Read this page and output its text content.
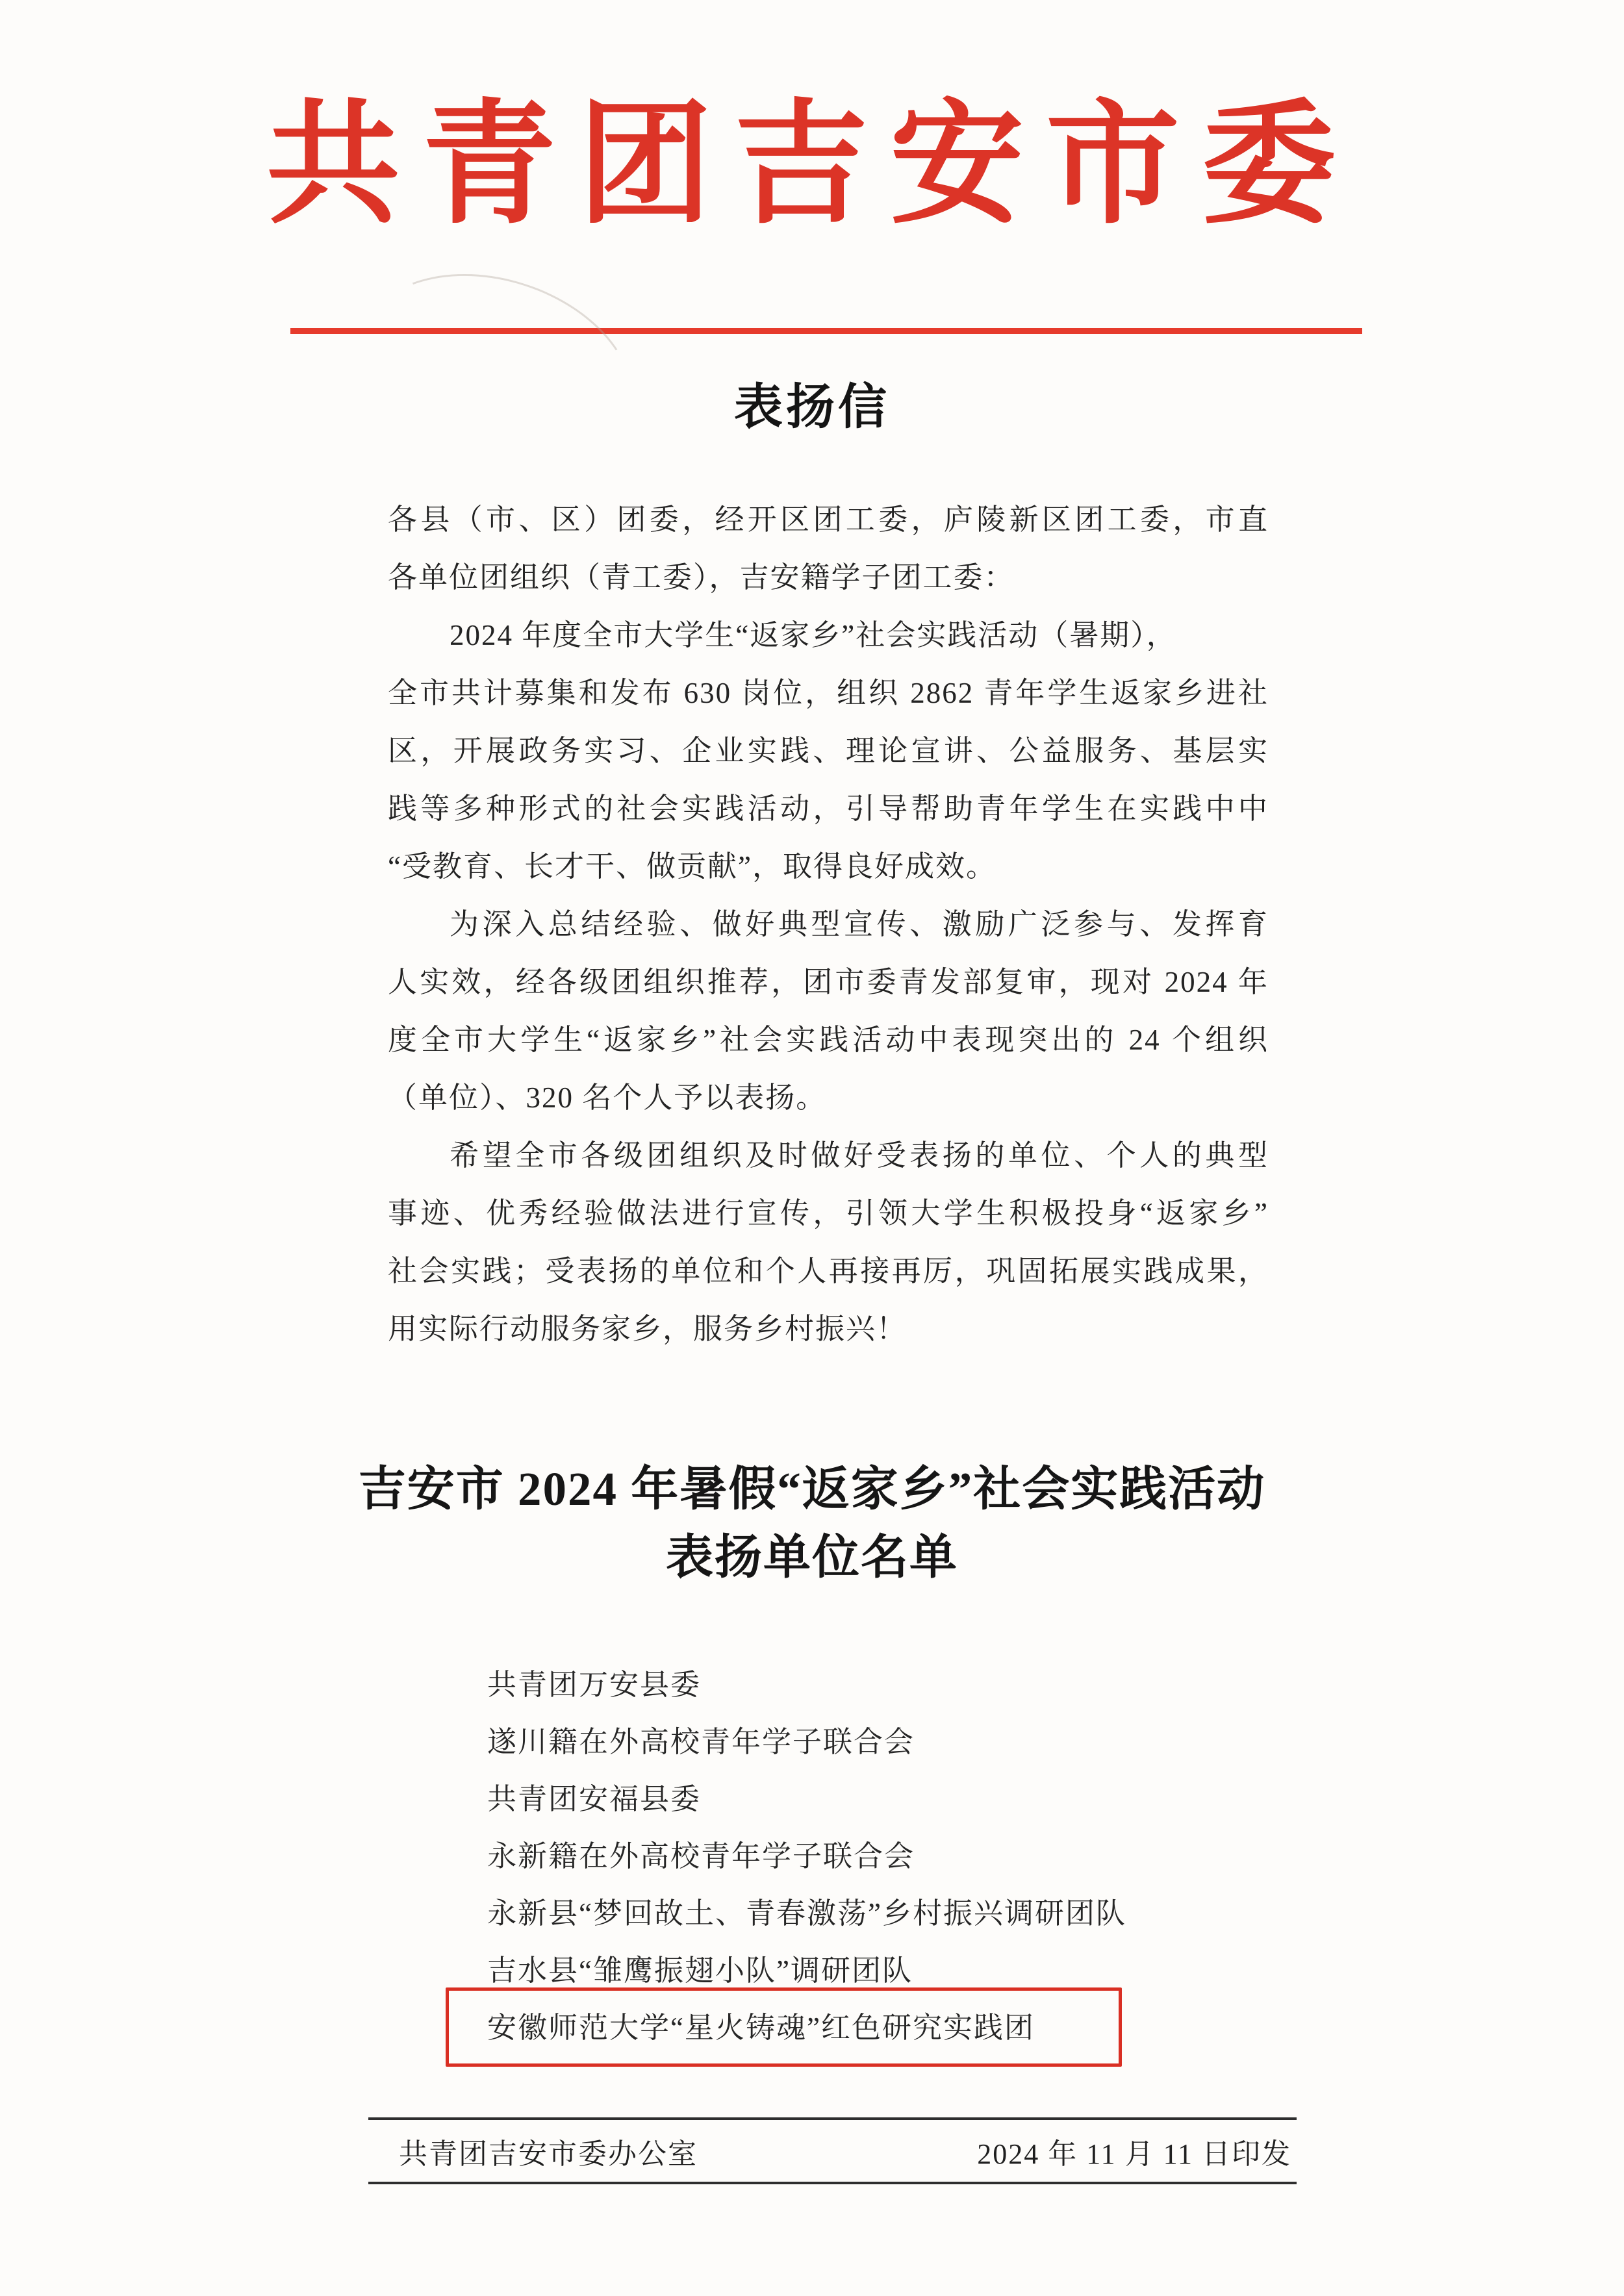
共青团吉安市委
表扬信
各县（市、区）团委，经开区团工委，庐陵新区团工委，市直
各单位团组织（青工委），吉安籍学子团工委：
2024 年度全市大学生“返家乡”社会实践活动（暑期），
全市共计募集和发布 630 岗位，组织 2862 青年学生返家乡进社
区，开展政务实习、企业实践、理论宣讲、公益服务、基层实
践等多种形式的社会实践活动，引导帮助青年学生在实践中中
“受教育、长才干、做贡献”，取得良好成效。
为深入总结经验、做好典型宣传、激励广泛参与、发挥育
人实效，经各级团组织推荐，团市委青发部复审，现对 2024 年
度全市大学生“返家乡”社会实践活动中表现突出的 24 个组织
（单位）、320 名个人予以表扬。
希望全市各级团组织及时做好受表扬的单位、个人的典型
事迹、优秀经验做法进行宣传，引领大学生积极投身“返家乡”
社会实践；受表扬的单位和个人再接再厉，巩固拓展实践成果，
用实际行动服务家乡，服务乡村振兴！
吉安市 2024 年暑假“返家乡”社会实践活动
表扬单位名单
共青团万安县委
遂川籍在外高校青年学子联合会
共青团安福县委
永新籍在外高校青年学子联合会
永新县“梦回故土、青春激荡”乡村振兴调研团队
吉水县“雏鹰振翅小队”调研团队
安徽师范大学“星火铸魂”红色研究实践团
共青团吉安市委办公室	2024 年 11 月 11 日印发
